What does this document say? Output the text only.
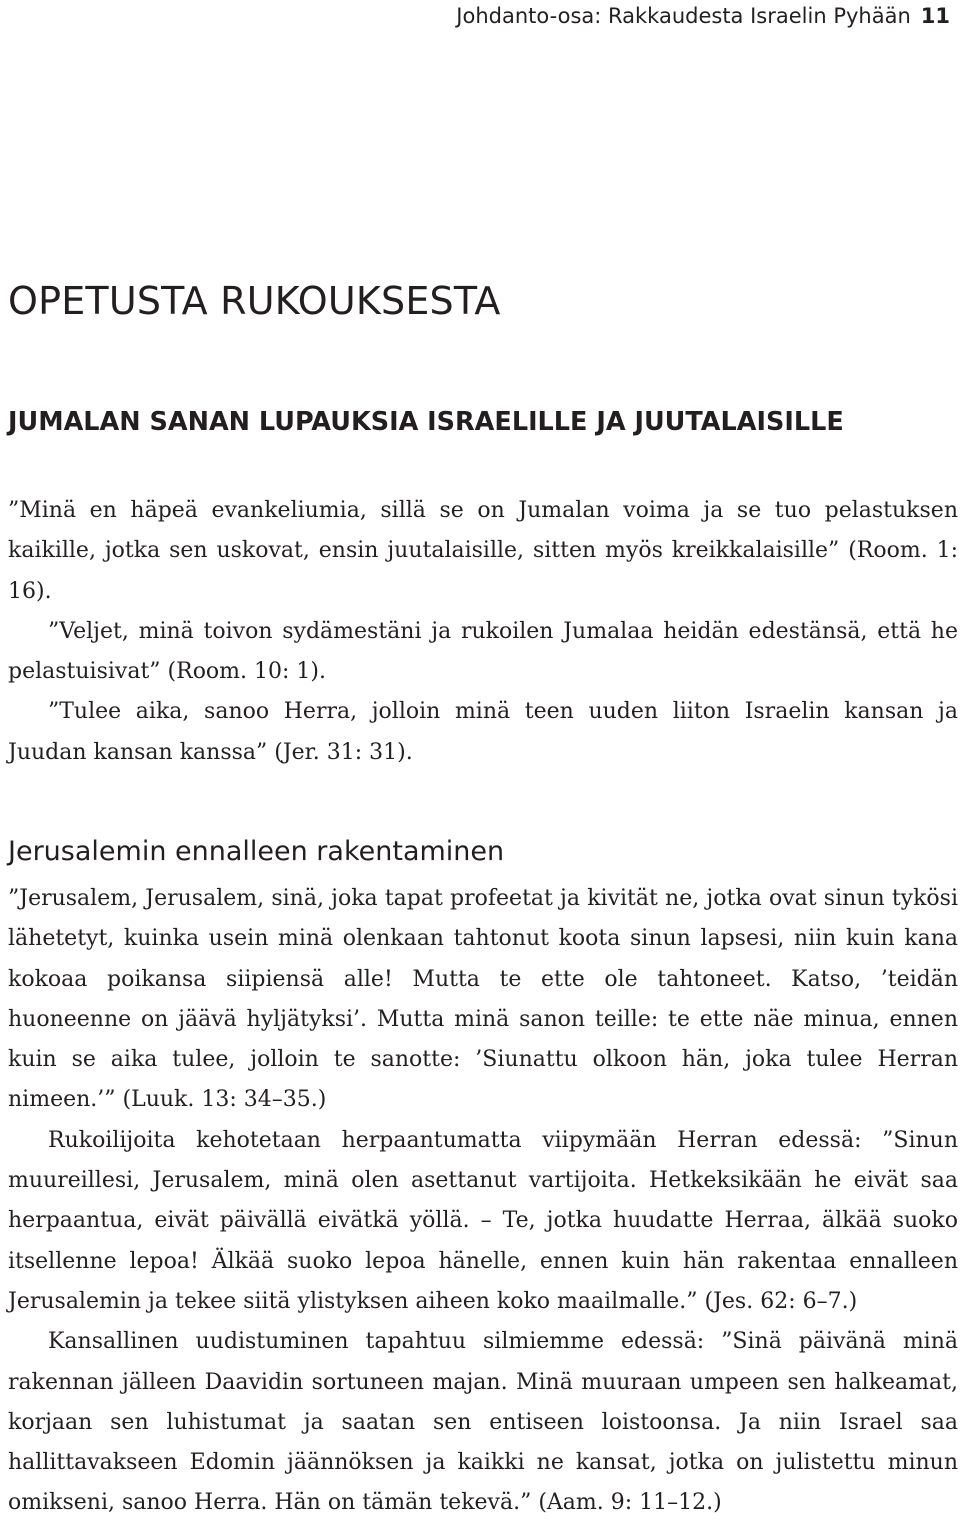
Johdanto-osa: Rakkaudesta Israelin Pyhään 11
OPETUSTA RUKOUKSESTA
JUMALAN SANAN LUPAUKSIA ISRAELILLE JA JUUTALAISILLE

”Minä en häpeä evankeliumia, sillä se on Jumalan voima ja se tuo pelastuksen kaikille, jotka sen uskovat, ensin juutalaisille, sitten myös kreikkalaisille” (Room. 1: 16).

”Veljet, minä toivon sydämestäni ja rukoilen Jumalaa heidän edestänsä, että he pelastuisivat” (Room. 10: 1).

”Tulee aika, sanoo Herra, jolloin minä teen uuden liiton Israelin kansan ja Juudan kansan kanssa” (Jer. 31: 31).

Jerusalemin ennalleen rakentaminen

”Jerusalem, Jerusalem, sinä, joka tapat profeetat ja kivität ne, jotka ovat sinun tykösi lähetetyt, kuinka usein minä olenkaan tahtonut koota sinun lapsesi, niin kuin kana kokoaa poikansa siipiensä alle! Mutta te ette ole tahtoneet. Katso, ’teidän huoneenne on jäävä hyljätyksi’. Mutta minä sanon teille: te ette näe minua, ennen kuin se aika tulee, jolloin te sanotte: ’Siunattu olkoon hän, joka tulee Herran nimeen.’” (Luuk. 13: 34–35.)

Rukoilijoita kehotetaan herpaantumatta viipymään Herran edessä: ”Sinun muureillesi, Jerusalem, minä olen asettanut vartijoita. Hetkeksikään he eivät saa herpaantua, eivät päivällä eivätkä yöllä. – Te, jotka huudatte Herraa, älkää suoko itsellenne lepoa! Älkää suoko lepoa hänelle, ennen kuin hän rakentaa ennalleen Jerusalemin ja tekee siitä ylistyksen aiheen koko maailmalle.” (Jes. 62: 6–7.)

Kansallinen uudistuminen tapahtuu silmiemme edessä: ”Sinä päivänä minä rakennan jälleen Daavidin sortuneen majan. Minä muuraan umpeen sen halkeamat, korjaan sen luhistumat ja saatan sen entiseen loistoonsa. Ja niin Israel saa hallittavakseen Edomin jäännöksen ja kaikki ne kansat, jotka on julistettu minun omikseni, sanoo Herra. Hän on tämän tekevä.” (Aam. 9: 11–12.)
